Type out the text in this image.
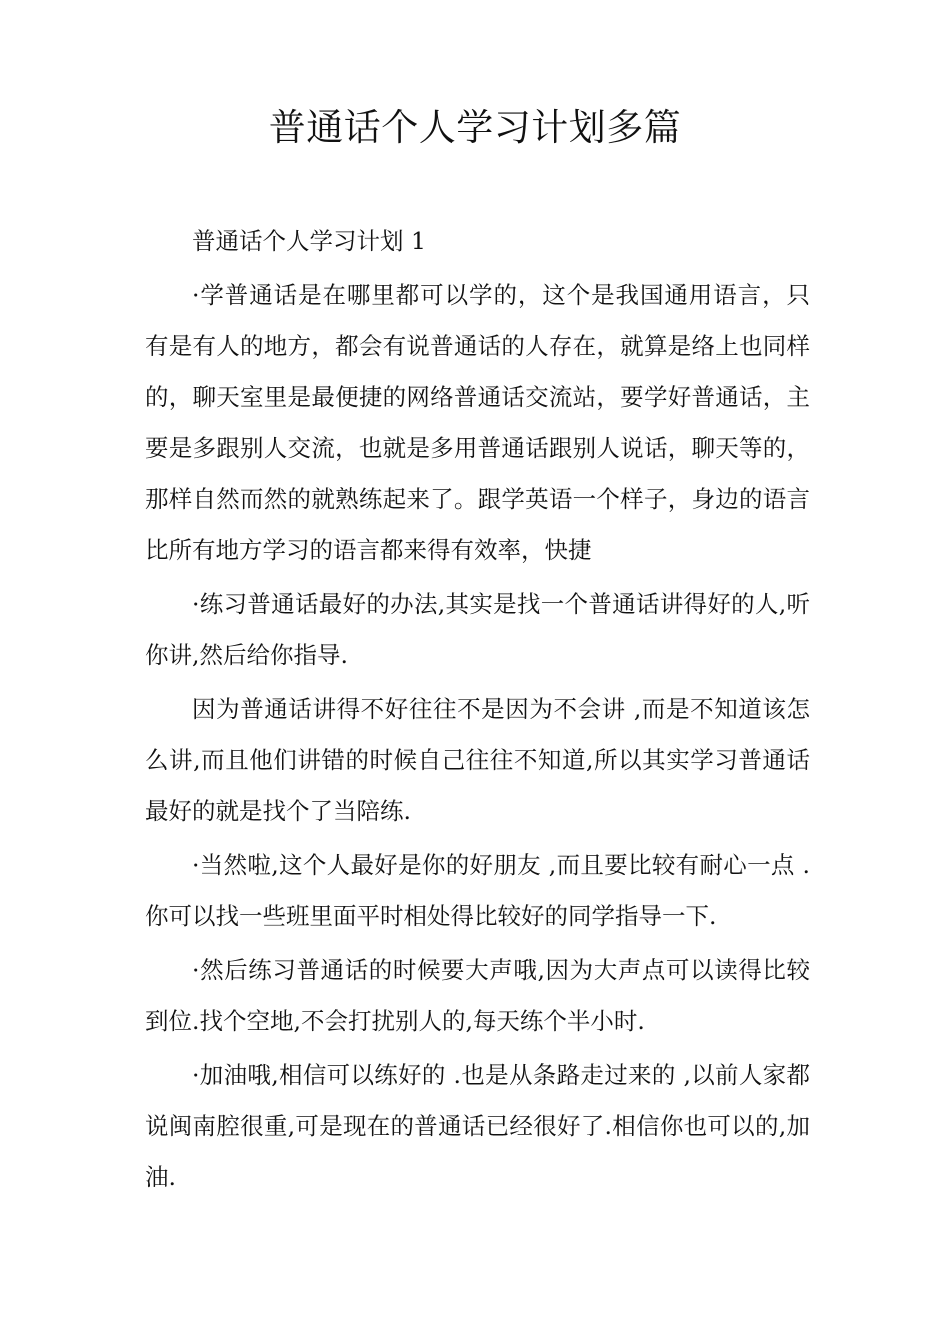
普通话个人学习计划多篇

普通话个人学习计划 1

·学普通话是在哪里都可以学的，这个是我国通用语言，只有是有人的地方，都会有说普通话的人存在，就算是络上也同样的，聊天室里是最便捷的网络普通话交流站，要学好普通话，主要是多跟别人交流，也就是多用普通话跟别人说话，聊天等的，那样自然而然的就熟练起来了。跟学英语一个样子，身边的语言比所有地方学习的语言都来得有效率，快捷

·练习普通话最好的办法,其实是找一个普通话讲得好的人,听你讲,然后给你指导.

因为普通话讲得不好往往不是因为不会讲 ,而是不知道该怎么讲,而且他们讲错的时候自己往往不知道,所以其实学习普通话最好的就是找个了当陪练.

·当然啦,这个人最好是你的好朋友 ,而且要比较有耐心一点 .你可以找一些班里面平时相处得比较好的同学指导一下.

·然后练习普通话的时候要大声哦,因为大声点可以读得比较到位.找个空地,不会打扰别人的,每天练个半小时.

·加油哦,相信可以练好的 .也是从条路走过来的 ,以前人家都说闽南腔很重,可是现在的普通话已经很好了.相信你也可以的,加油.
